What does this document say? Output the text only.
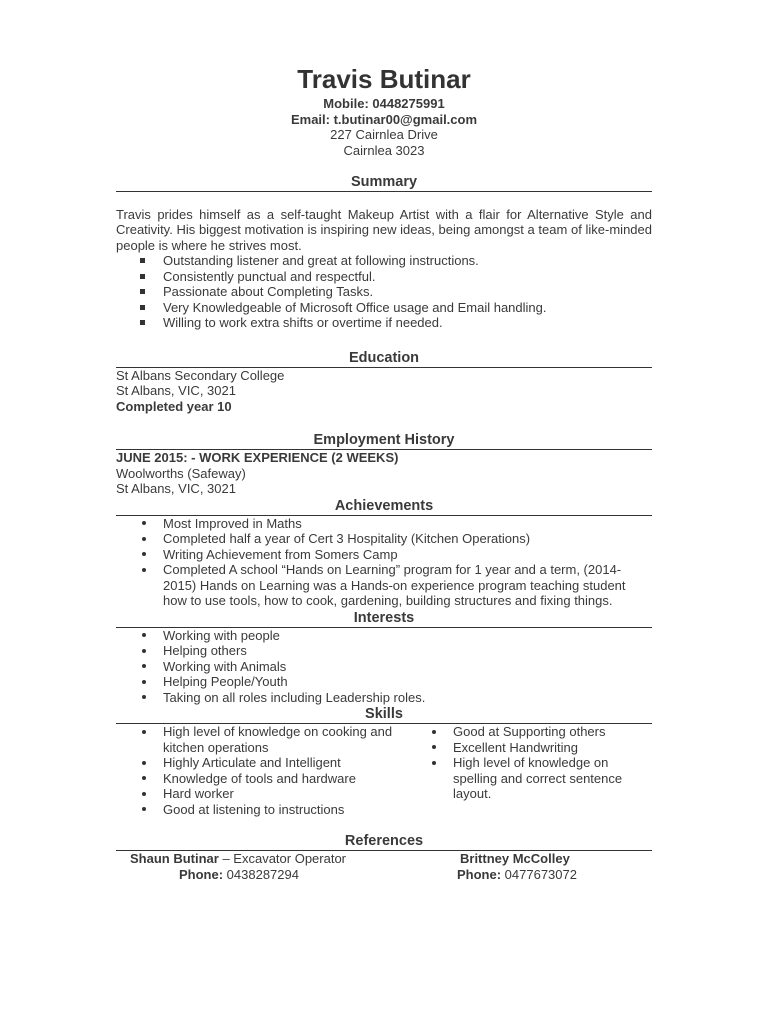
Travis Butinar
Mobile: 0448275991
Email: t.butinar00@gmail.com
227 Cairnlea Drive
Cairnlea 3023
Summary

Travis prides himself as a self-taught Makeup Artist with a flair for Alternative Style and Creativity. His biggest motivation is inspiring new ideas, being amongst a team of like-minded people is where he strives most.

Outstanding listener and great at following instructions.
Consistently punctual and respectful.
Passionate about Completing Tasks.
Very Knowledgeable of Microsoft Office usage and Email handling.
Willing to work extra shifts or overtime if needed.
Education
St Albans Secondary College
St Albans, VIC, 3021
Completed year 10
Employment History
JUNE 2015: - WORK EXPERIENCE (2 WEEKS)
Woolworths (Safeway)
St Albans, VIC, 3021
Achievements
Most Improved in Maths
Completed half a year of Cert 3 Hospitality (Kitchen Operations)
Writing Achievement from Somers Camp
Completed A school “Hands on Learning” program for 1 year and a term, (2014-2015) Hands on Learning was a Hands-on experience program teaching student how to use tools, how to cook, gardening, building structures and fixing things.
Interests
Working with people
Helping others
Working with Animals
Helping People/Youth
Taking on all roles including Leadership roles.
Skills
High level of knowledge on cooking and kitchen operations
Highly Articulate and Intelligent
Knowledge of tools and hardware
Hard worker
Good at listening to instructions
Good at Supporting others
Excellent Handwriting
High level of knowledge on spelling and correct sentence layout.
References
Shaun Butinar – Excavator Operator	Brittney McColley
Phone: 0438287294	Phone: 0477673072
